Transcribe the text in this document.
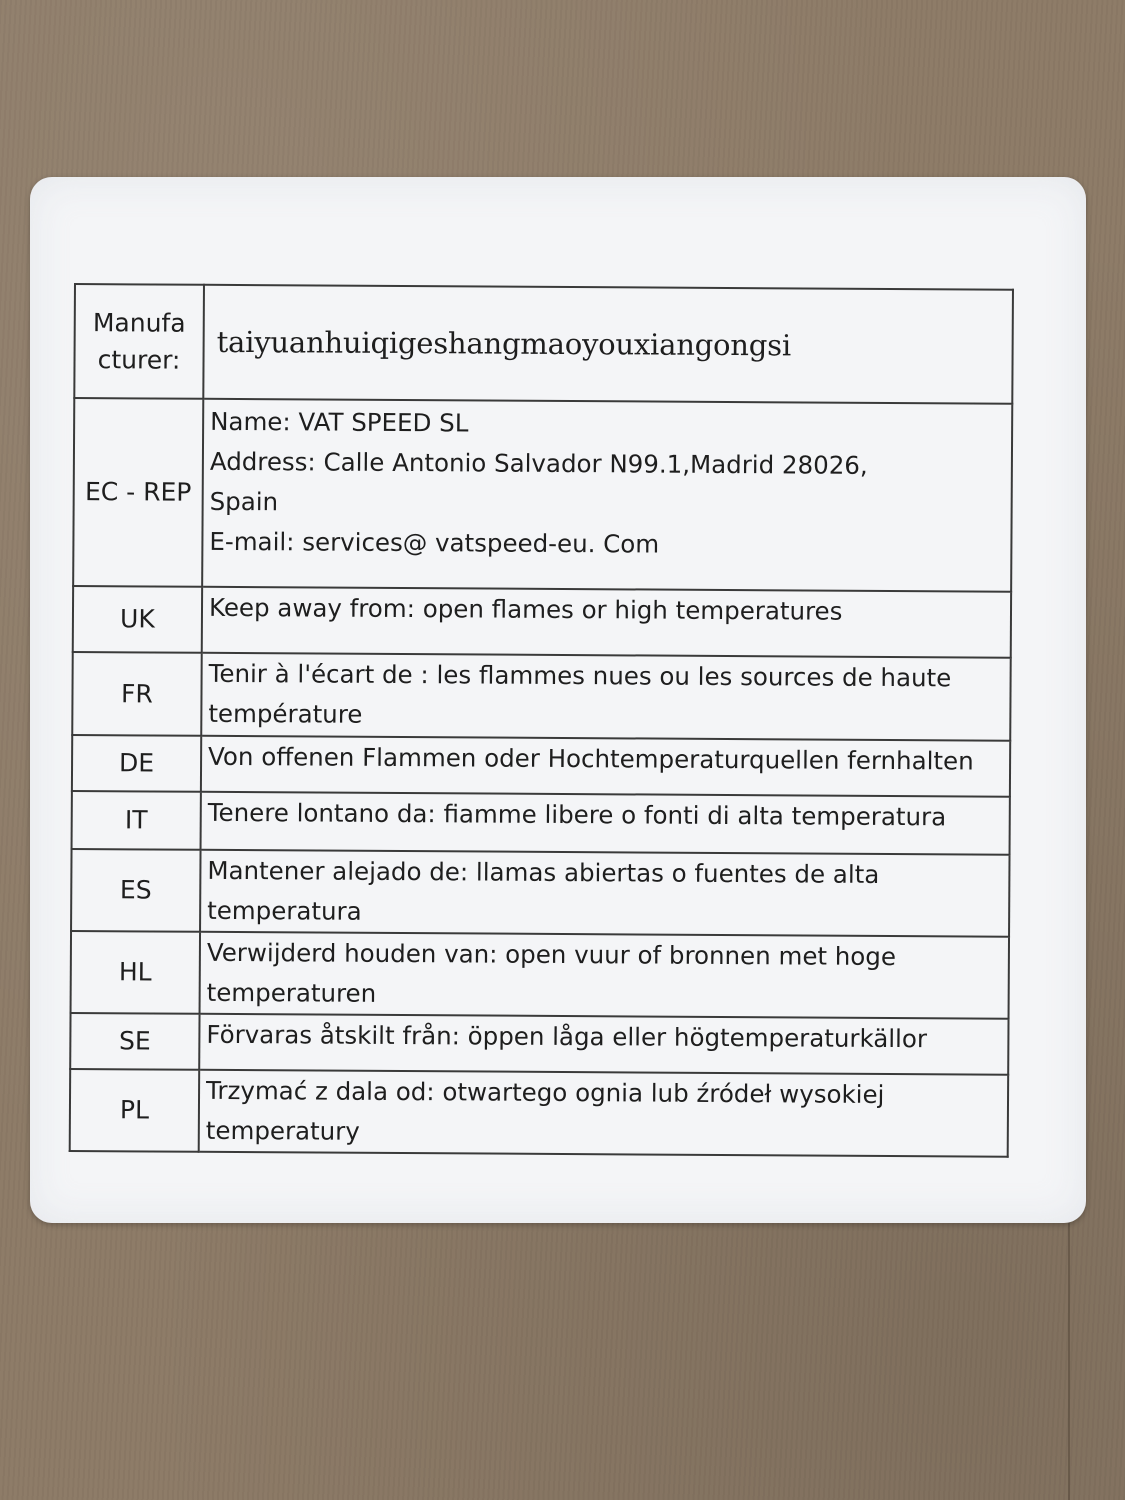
Manufa cturer:	taiyuanhuiqigeshangmaoyouxiangongsi
EC - REP	Name: VAT SPEED SL
Address: Calle Antonio Salvador N99.1,Madrid 28026,
Spain
E-mail: services@ vatspeed-eu. Com

UK	Keep away from: open flames or high temperatures
FR	Tenir à l'écart de : les flammes nues ou les sources de haute température
DE	Von offenen Flammen oder Hochtemperaturquellen fernhalten
IT	Tenere lontano da: fiamme libere o fonti di alta temperatura
ES	Mantener alejado de: llamas abiertas o fuentes de alta temperatura
HL	Verwijderd houden van: open vuur of bronnen met hoge temperaturen
SE	Förvaras åtskilt från: öppen låga eller högtemperaturkällor
PL	Trzymać z dala od: otwartego ognia lub źródeł wysokiej temperatury
